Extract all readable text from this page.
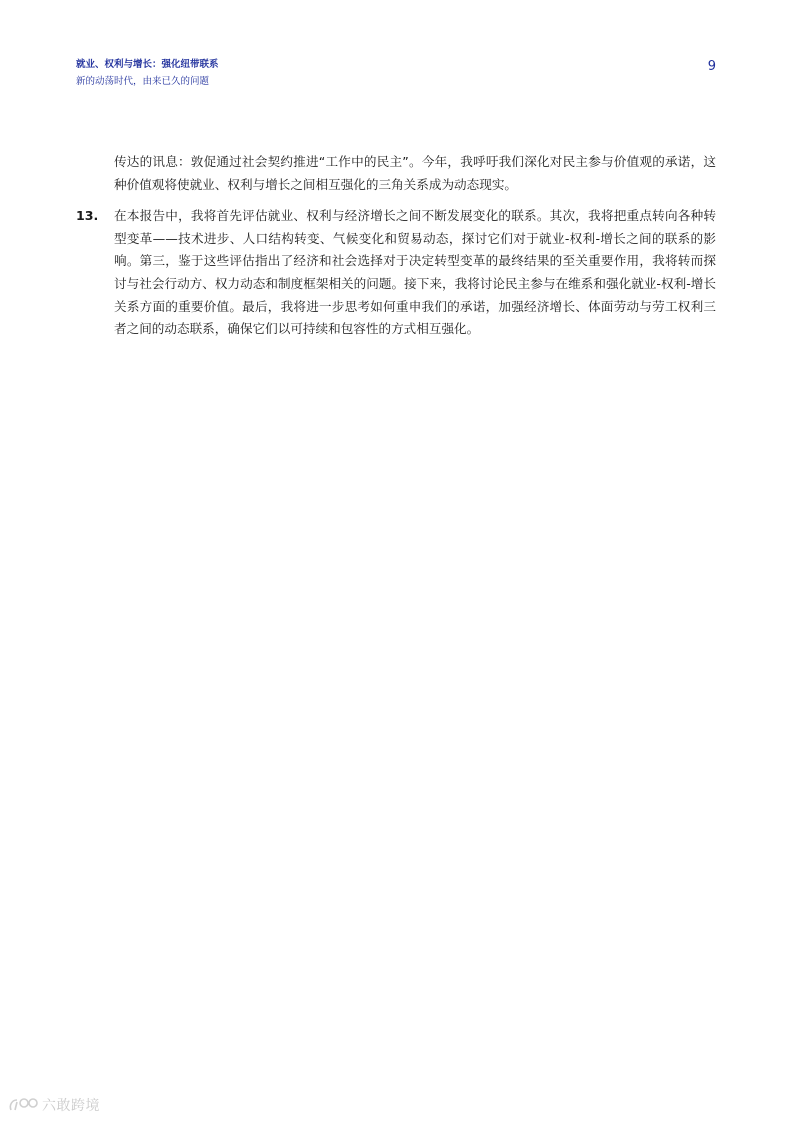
就业、权利与增长：强化纽带联系
新的动荡时代，由来已久的问题
9
传达的讯息：敦促通过社会契约推进“工作中的民主”。今年，我呼吁我们深化对民主参与价值观的承诺，这种价值观将使就业、权利与增长之间相互强化的三角关系成为动态现实。
13. 在本报告中，我将首先评估就业、权利与经济增长之间不断发展变化的联系。其次，我将把重点转向各种转型变革——技术进步、人口结构转变、气候变化和贸易动态，探讨它们对于就业-权利-增长之间的联系的影响。第三，鉴于这些评估指出了经济和社会选择对于决定转型变革的最终结果的至关重要作用，我将转而探讨与社会行动方、权力动态和制度框架相关的问题。接下来，我将讨论民主参与在维系和强化就业-权利-增长关系方面的重要价值。最后，我将进一步思考如何重申我们的承诺，加强经济增长、体面劳动与劳工权利三者之间的动态联系，确保它们以可持续和包容性的方式相互强化。
六敢跨境
